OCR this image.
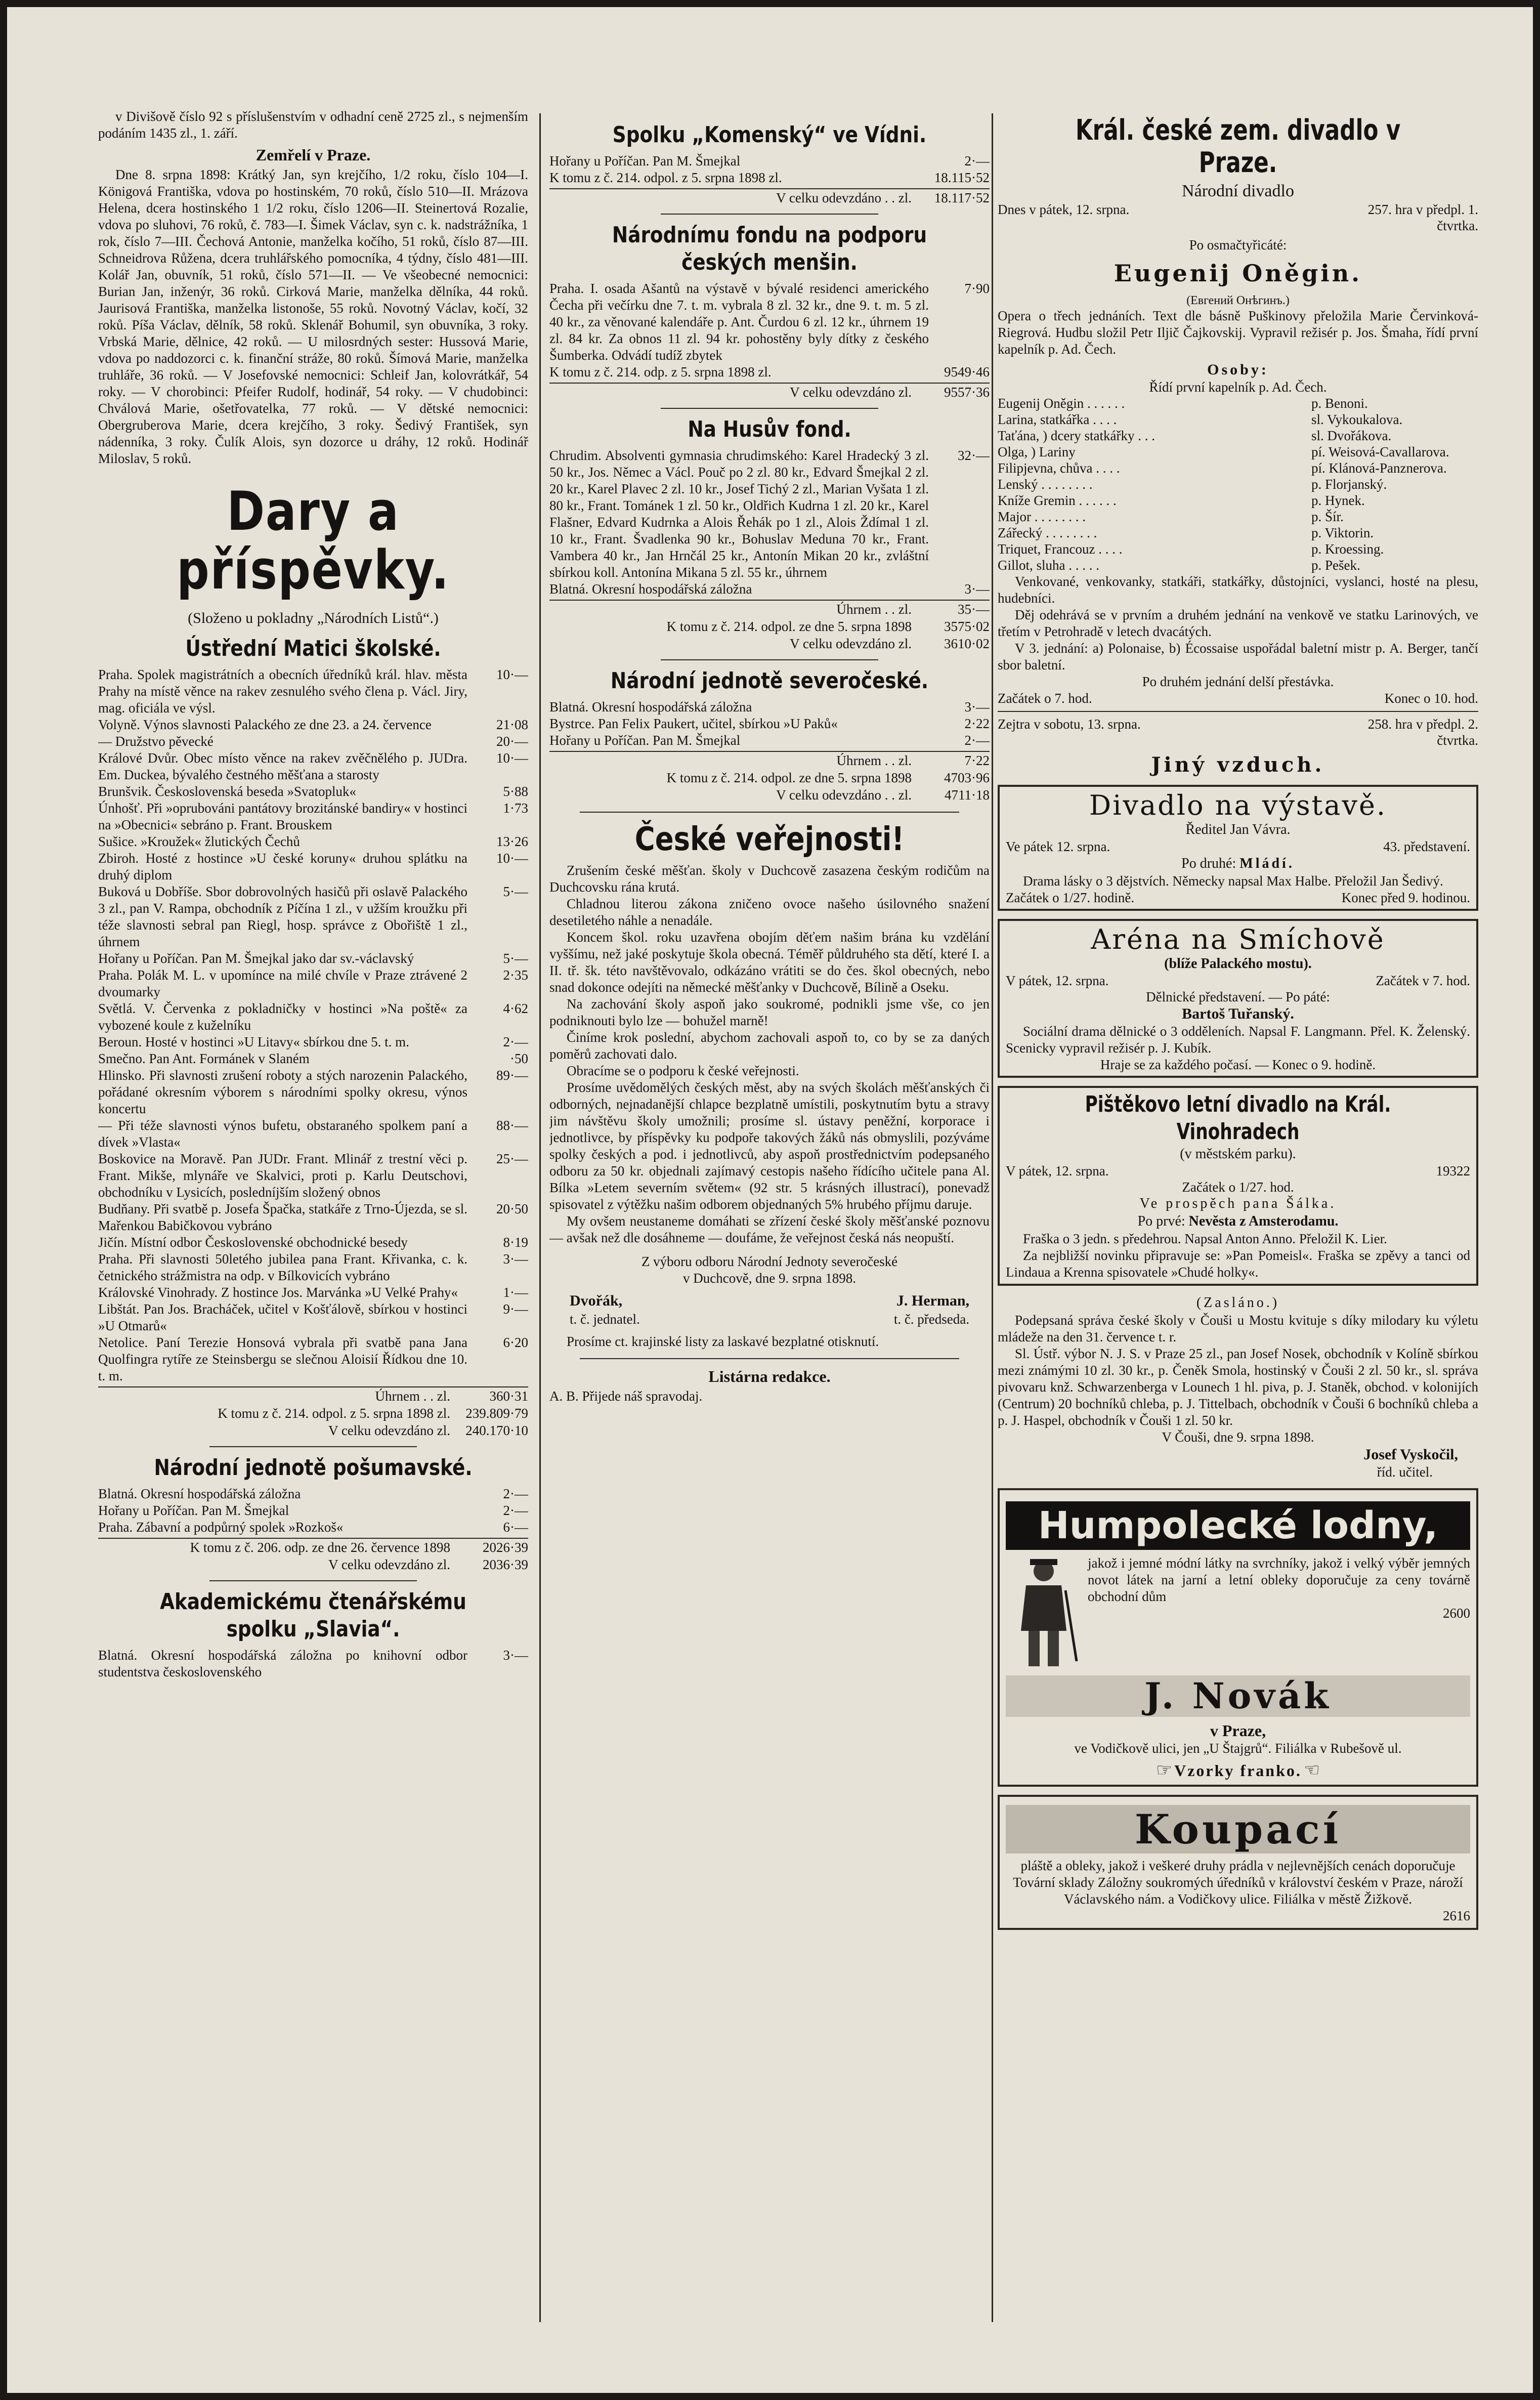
v Divišově číslo 92 s příslušenstvím v odhadní ceně 2725 zl., s nejmenším podáním 1435 zl., 1. září.

Zemřelí v Praze.

Dne 8. srpna 1898: Krátký Jan, syn krejčího, 1/2 roku, číslo 104—I. Königová Františka, vdova po hostinském, 70 roků, číslo 510—II. Mrázova Helena, dcera hostinského 1 1/2 roku, číslo 1206—II. Steinertová Rozalie, vdova po sluhovi, 76 roků, č. 783—I. Šimek Václav, syn c. k. nadstrážníka, 1 rok, číslo 7—III. Čechová Antonie, manželka kočího, 51 roků, číslo 87—III. Schneidrova Růžena, dcera truhlářského pomocníka, 4 týdny, číslo 481—III. Kolář Jan, obuvník, 51 roků, číslo 571—II. — Ve všeobecné nemocnici: Burian Jan, inženýr, 36 roků. Cirková Marie, manželka dělníka, 44 roků. Jaurisová Františka, manželka listonoše, 55 roků. Novotný Václav, kočí, 32 roků. Píša Václav, dělník, 58 roků. Sklenář Bohumil, syn obuvníka, 3 roky. Vrbská Marie, dělnice, 42 roků. — U milosrdných sester: Hussová Marie, vdova po naddozorci c. k. finanční stráže, 80 roků. Šímová Marie, manželka truhláře, 36 roků. — V Josefovské nemocnici: Schleif Jan, kolovrátkář, 54 roky. — V chorobinci: Pfeifer Rudolf, hodinář, 54 roky. — V chudobinci: Chválová Marie, ošetřovatelka, 77 roků. — V dětské nemocnici: Obergruberova Marie, dcera krejčího, 3 roky. Šedivý František, syn nádenníka, 3 roky. Čulík Alois, syn dozorce u dráhy, 12 roků. Hodinář Miloslav, 5 roků.

Dary a příspěvky.
(Složeno u pokladny „Národních Listů“.)
Ústřední Matici školské.
Praha. Spolek magistrátních a obecních úředníků král. hlav. města Prahy na místě věnce na rakev zesnulého svého člena p. Václ. Jiry, mag. oficiála ve výsl.
10·—
Volyně. Výnos slavnosti Palackého ze dne 23. a 24. července	21·08
— Družstvo pěvecké	20·—
Králové Dvůr. Obec místo věnce na rakev zvěčnělého p. JUDra. Em. Duckea, bývalého čestného měšťana a starosty
10·—
Brunšvik. Československá beseda »Svatopluk«	5·88
Únhošť. Při »oprubováni pantátovy brozitánské bandiry« v hostinci na »Obecnici« sebráno p. Frant. Brouskem
1·73
Sušice. »Kroužek« žlutických Čechů	13·26
Zbiroh. Hosté z hostince »U české koruny« druhou splátku na druhý diplom
10·—
Buková u Dobříše. Sbor dobrovolných hasičů při oslavě Palackého 3 zl., pan V. Rampa, obchodník z Píčína 1 zl., v užším kroužku při téže slavnosti sebral pan Riegl, hosp. správce z Obořiště 1 zl., úhrnem
5·—
Hořany u Poříčan. Pan M. Šmejkal jako dar sv.-václavský	5·—
Praha. Polák M. L. v upomínce na milé chvíle v Praze ztrávené 2 dvoumarky
2·35
Světlá. V. Červenka z pokladničky v hostinci »Na poště« za vybozené koule z kuželníku
4·62
Beroun. Hosté v hostinci »U Litavy« sbírkou dne 5. t. m.	2·—
Smečno. Pan Ant. Formánek v Slaném	·50
Hlinsko. Při slavnosti zrušení roboty a stých narozenin Palackého, pořádané okresním výborem s národními spolky okresu, výnos koncertu
89·—
— Při téže slavnosti výnos bufetu, obstaraného spolkem paní a dívek »Vlasta«
88·—
Boskovice na Moravě. Pan JUDr. Frant. Mlinář z trestní věci p. Frant. Mikše, mlynáře ve Skalvici, proti p. Karlu Deutschovi, obchodníku v Lysicích, posledníjším složený obnos
25·—
Budňany. Při svatbě p. Josefa Špačka, statkáře z Trno-Újezda, se sl. Mařenkou Babičkovou vybráno
20·50
Jičín. Místní odbor Československé obchodnické besedy	8·19
Praha. Při slavnosti 50letého jubilea pana Frant. Křivanka, c. k. četnického strážmistra na odp. v Bílkovicích vybráno
3·—
Královské Vinohrady. Z hostince Jos. Marvánka »U Velké Prahy«	1·—
Libštát. Pan Jos. Bracháček, učitel v Košťálově, sbírkou v hostinci »U Otmarů«
9·—
Netolice. Paní Terezie Honsová vybrala při svatbě pana Jana Quolfingra rytíře ze Steinsbergu se slečnou Aloisií Řídkou dne 10. t. m.
6·20
Úhrnem . . zl.	360·31
K tomu z č. 214. odpol. z 5. srpna 1898 zl.	239.809·79
V celku odevzdáno zl.	240.170·10
Národní jednotě pošumavské.
Blatná. Okresní hospodářská záložna	2·—
Hořany u Poříčan. Pan M. Šmejkal	2·—
Praha. Zábavní a podpůrný spolek »Rozkoš«	6·—
K tomu z č. 206. odp. ze dne 26. července 1898	2026·39
V celku odevzdáno zl.	2036·39
Akademickému čtenářskému spolku „Slavia“.
Blatná. Okresní hospodářská záložna po knihovní odbor studentstva československého
3·—
Spolku „Komenský“ ve Vídni.
Hořany u Poříčan. Pan M. Šmejkal	2·—
K tomu z č. 214. odpol. z 5. srpna 1898 zl.	18.115·52
V celku odevzdáno . . zl.	18.117·52
Národnímu fondu na podporu českých menšin.
Praha. I. osada Ašantů na výstavě v bývalé residenci amerického Čecha při večírku dne 7. t. m. vybrala 8 zl. 32 kr., dne 9. t. m. 5 zl. 40 kr., za věnované kalendáře p. Ant. Čurdou 6 zl. 12 kr., úhrnem 19 zl. 84 kr. Za obnos 11 zl. 94 kr. pohostěny byly dítky z českého Šumberka. Odvádí tudíž zbytek
7·90
K tomu z č. 214. odp. z 5. srpna 1898 zl.	9549·46
V celku odevzdáno zl.	9557·36
Na Husův fond.
Chrudim. Absolventi gymnasia chrudimského: Karel Hradecký 3 zl. 50 kr., Jos. Němec a Václ. Pouč po 2 zl. 80 kr., Edvard Šmejkal 2 zl. 20 kr., Karel Plavec 2 zl. 10 kr., Josef Tichý 2 zl., Marian Vyšata 1 zl. 80 kr., Frant. Tománek 1 zl. 50 kr., Oldřich Kudrna 1 zl. 20 kr., Karel Flašner, Edvard Kudrnka a Alois Řehák po 1 zl., Alois Ždímal 1 zl. 10 kr., Frant. Švadlenka 90 kr., Bohuslav Meduna 70 kr., Frant. Vambera 40 kr., Jan Hrnčál 25 kr., Antonín Mikan 20 kr., zvláštní sbírkou koll. Antonína Mikana 5 zl. 55 kr., úhrnem
32·—
Blatná. Okresní hospodářská záložna	3·—
Úhrnem . . zl.	35·—
K tomu z č. 214. odpol. ze dne 5. srpna 1898	3575·02
V celku odevzdáno zl.	3610·02
Národní jednotě severočeské.
Blatná. Okresní hospodářská záložna	3·—
Bystrce. Pan Felix Paukert, učitel, sbírkou »U Paků«	2·22
Hořany u Poříčan. Pan M. Šmejkal	2·—
Úhrnem . . zl.	7·22
K tomu z č. 214. odpol. ze dne 5. srpna 1898	4703·96
V celku odevzdáno . . zl.	4711·18
České veřejnosti!

Zrušením české měšťan. školy v Duchcově zasazena českým rodičům na Duchcovsku rána krutá.

Chladnou literou zákona zničeno ovoce našeho úsilovného snažení desetiletého náhle a nenadále.

Koncem škol. roku uzavřena obojím děťem našim brána ku vzdělání vyššímu, než jaké poskytuje škola obecná. Téměř půldruhého sta dětí, které I. a II. tř. šk. této navštěvovalo, odkázáno vrátiti se do čes. škol obecných, nebo snad dokonce odejíti na německé měšťanky v Duchcově, Bílině a Oseku.

Na zachování školy aspoň jako soukromé, podnikli jsme vše, co jen podniknouti bylo lze — bohužel marně!

Činíme krok poslední, abychom zachovali aspoň to, co by se za daných poměrů zachovati dalo.

Obracíme se o podporu k české veřejnosti.

Prosíme uvědomělých českých měst, aby na svých školách měšťanských či odborných, nejnadanější chlapce bezplatně umístili, poskytnutím bytu a stravy jim návštěvu školy umožnili; prosíme sl. ústavy peněžní, korporace i jednotlivce, by příspěvky ku podpoře takových žáků nás obmyslili, pozýváme spolky českých a pod. i jednotlivců, aby aspoň prostřednictvím podepsaného odboru za 50 kr. objednali zajímavý cestopis našeho řídícího učitele pana Al. Bílka »Letem severním světem« (92 str. 5 krásných illustrací), ponevadž spisovatel z výtěžku našim odborem objednaných 5% hrubého příjmu daruje.

My ovšem neustaneme domáhati se zřízení české školy měšťanské poznovu — avšak než dle dosáhneme — doufáme, že veřejnost česká nás neopuští.

Z výboru odboru Národní Jednoty severočeské
v Duchcově, dne 9. srpna 1898.
Dvořák,	J. Herman,
t. č. jednatel.	t. č. předseda.

Prosíme ct. krajinské listy za laskavé bezplatné otisknutí.

Listárna redakce.

A. B. Přijede náš spravodaj.

Král. české zem. divadlo v Praze.
Národní divadlo
Dnes v pátek, 12. srpna.	257. hra v předpl. 1. čtvrtka.
Po osmačtyřicáté:
Eugenij Oněgin.
(Евгений Онѣгинъ.)

Opera o třech jednáních. Text dle básně Puškinovy přeložila Marie Červinková-Riegrová. Hudbu složil Petr Iljič Čajkovskij. Vypravil režisér p. Jos. Šmaha, řídí první kapelník p. Ad. Čech.

Osoby:
Řídí první kapelník p. Ad. Čech.
Eugenij Oněgin . . . . . .	p. Benoni.
Larina, statkářka . . . .	sl. Vykoukalova.
Taťána, ) dcery statkářky . . .	sl. Dvořákova.
Olga, ) Lariny	pí. Weisová-Cavallarova.
Filipjevna, chůva . . . .	pí. Klánová-Panznerova.
Lenský . . . . . . . .	p. Florjanský.
Kníže Gremin . . . . . .	p. Hynek.
Major . . . . . . . .	p. Šír.
Zářecký . . . . . . . .	p. Viktorin.
Triquet, Francouz . . . .	p. Kroessing.
Gillot, sluha . . . . .	p. Pešek.

Venkované, venkovanky, statkáři, statkářky, důstojníci, vyslanci, hosté na plesu, hudebníci.

Děj odehrává se v prvním a druhém jednání na venkově ve statku Larinových, ve třetím v Petrohradě v letech dvacátých.

V 3. jednání: a) Polonaise, b) Écossaise uspořádal baletní mistr p. A. Berger, tančí sbor baletní.

Po druhém jednání delší přestávka.
Začátek o 7. hod.	Konec o 10. hod.
Zejtra v sobotu, 13. srpna.	258. hra v předpl. 2. čtvrtka.
Jiný vzduch.
Divadlo na výstavě.
Ředitel Jan Vávra.
Ve pátek 12. srpna.	43. představení.
Po druhé: Mládí.

Drama lásky o 3 dějstvích. Německy napsal Max Halbe. Přeložil Jan Šedivý.

Začátek o 1/27. hodině.	Konec před 9. hodinou.
Aréna na Smíchově
(blíže Palackého mostu).
V pátek, 12. srpna.	Začátek v 7. hod.
Dělnické představení. — Po páté:
Bartoš Tuřanský.

Sociální drama dělnické o 3 odděleních. Napsal F. Langmann. Přel. K. Želenský. Scenicky vypravil režisér p. J. Kubík.

Hraje se za každého počasí. — Konec o 9. hodině.
Pištěkovo letní divadlo na Král. Vinohradech
(v městském parku).
V pátek, 12. srpna.	19322
Začátek o 1/27. hod.
Ve prospěch pana Šálka.
Po prvé: Nevěsta z Amsterodamu.

Fraška o 3 jedn. s předehrou. Napsal Anton Anno. Přeložil K. Lier.

Za nejbližší novinku připravuje se: »Pan Pomeisl«. Fraška se zpěvy a tanci od Lindaua a Krenna spisovatele »Chudé holky«.

(Zasláno.)

Podepsaná správa české školy v Čouši u Mostu kvituje s díky milodary ku výletu mládeže na den 31. července t. r.

Sl. Ústř. výbor N. J. S. v Praze 25 zl., pan Josef Nosek, obchodník v Kolíně sbírkou mezi známými 10 zl. 30 kr., p. Čeněk Smola, hostinský v Čouši 2 zl. 50 kr., sl. správa pivovaru knž. Schwarzenberga v Lounech 1 hl. piva, p. J. Staněk, obchod. v kolonijích (Centrum) 20 bochníků chleba, p. J. Tittelbach, obchodník v Čouši 6 bochníků chleba a p. J. Haspel, obchodník v Čouši 1 zl. 50 kr.

V Čouši, dne 9. srpna 1898.
Josef Vyskočil,
říd. učitel.
Humpolecké lodny,

jakož i jemné módní látky na svrchníky, jakož i velký výběr jemných novot látek na jarní a letní obleky doporučuje za ceny továrně obchodní dům

2600
J. Novák
v Praze,
ve Vodičkově ulici, jen „U Štajgrů“. Filiálka v Rubešově ul.
☞ Vzorky franko. ☜
Koupací

pláště a obleky, jakož i veškeré druhy prádla v nejlevnějších cenách doporučuje Tovární sklady Záložny soukromých úředníků v království českém v Praze, nároží Václavského nám. a Vodičkovy ulice. Filiálka v městě Žižkově.

2616
